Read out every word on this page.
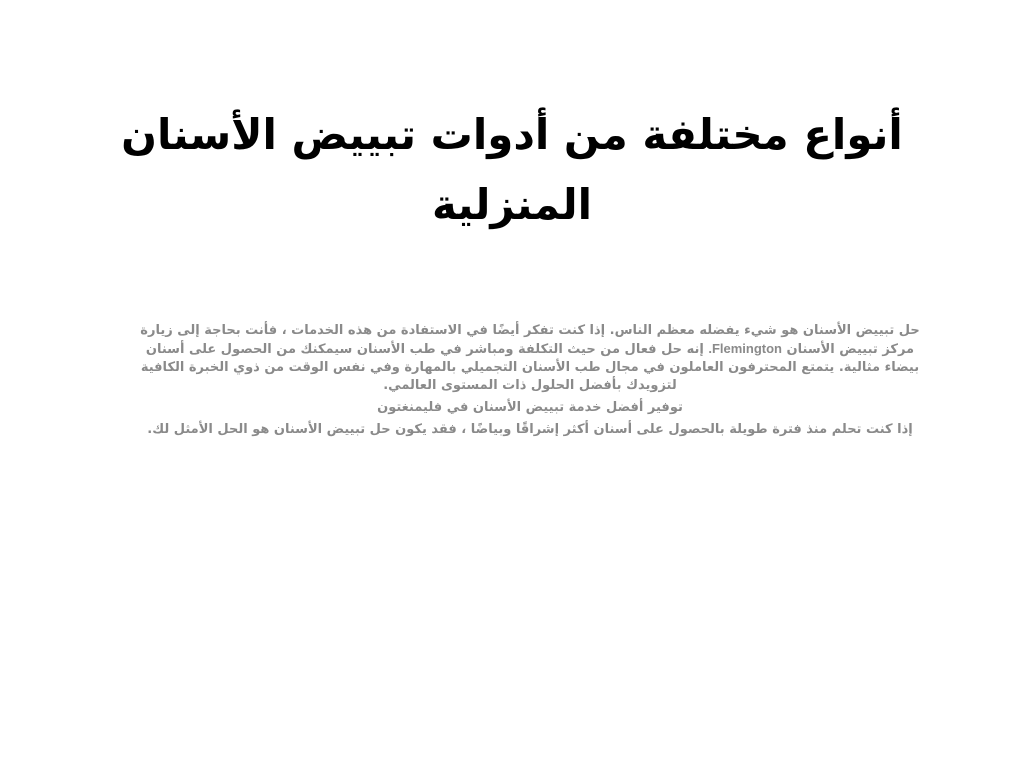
أنواع مختلفة من أدوات تبييض الأسنان المنزلية

حل تبييض الأسنان هو شيء يفضله معظم الناس. إذا كنت تفكر أيضًا في الاستفادة من هذه الخدمات ، فأنت بحاجة إلى زيارة مركز تبييض الأسنان Flemington. إنه حل فعال من حيث التكلفة ومباشر في طب الأسنان سيمكنك من الحصول على أسنان بيضاء مثالية. يتمتع المحترفون العاملون في مجال طب الأسنان التجميلي بالمهارة وفي نفس الوقت من ذوي الخبرة الكافية لتزويدك بأفضل الحلول ذات المستوى العالمي.

توفير أفضل خدمة تبييض الأسنان في فليمنغتون

إذا كنت تحلم منذ فترة طويلة بالحصول على أسنان أكثر إشراقًا وبياضًا ، فقد يكون حل تبييض الأسنان هو الحل الأمثل لك.
